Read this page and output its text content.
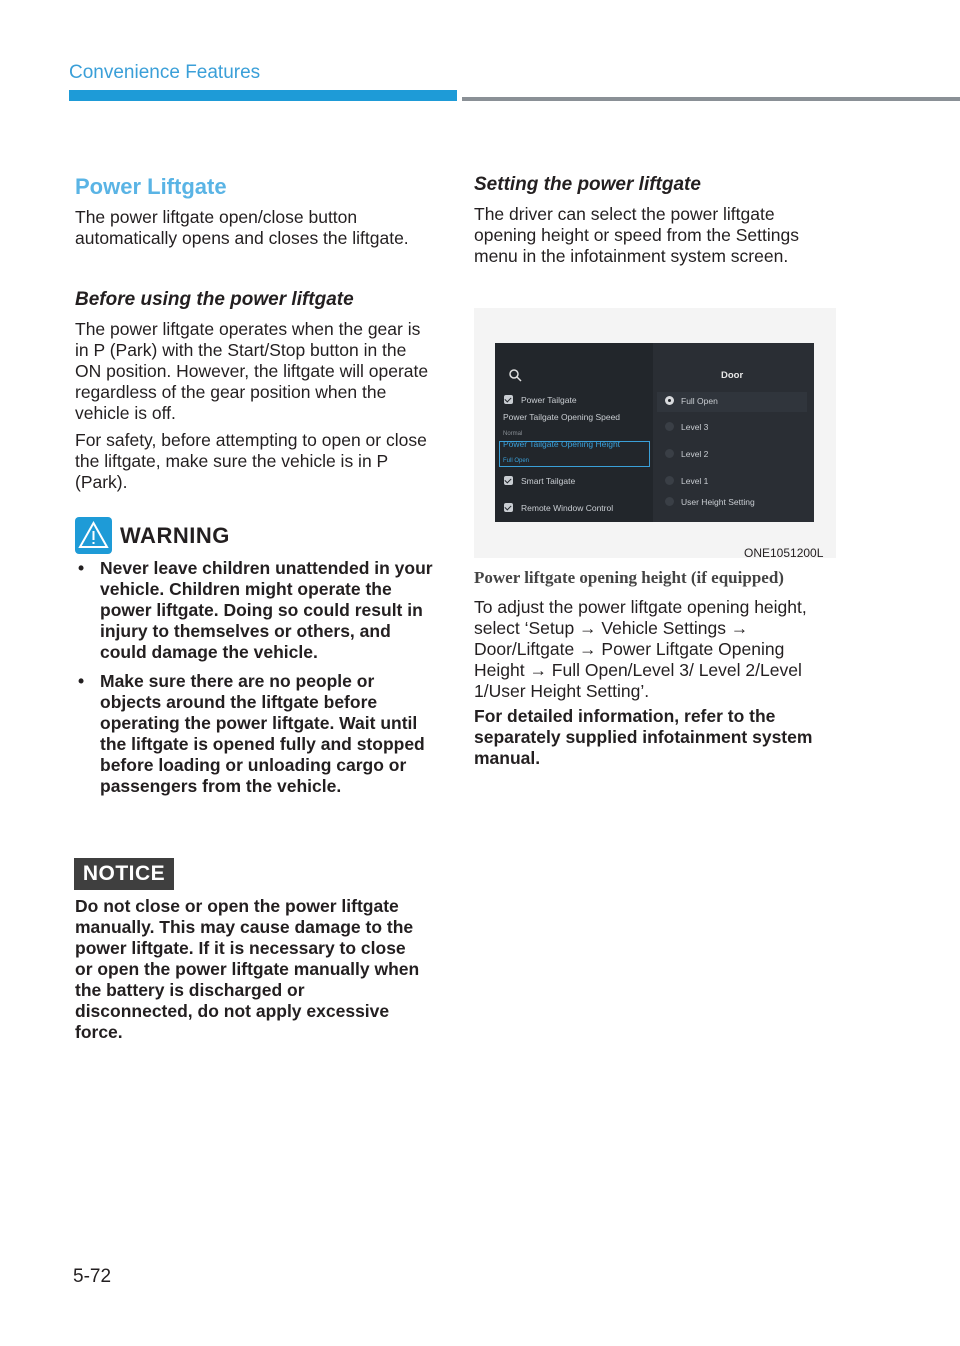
Convenience Features
Power Liftgate

The power liftgate open/close button automatically opens and closes the liftgate.

Before using the power liftgate

The power liftgate operates when the gear is in P (Park) with the Start/Stop button in the ON position. However, the liftgate will operate regardless of the gear position when the vehicle is off.

For safety, before attempting to open or close the liftgate, make sure the vehicle is in P (Park).

WARNING
• Never leave children unattended in your vehicle. Children might operate the power liftgate. Doing so could result in injury to themselves or others, and could damage the vehicle.
• Make sure there are no people or objects around the liftgate before operating the power liftgate. Wait until the liftgate is opened fully and stopped before loading or unloading cargo or passengers from the vehicle.
NOTICE

Do not close or open the power liftgate manually. This may cause damage to the power liftgate. If it is necessary to close or open the power liftgate manually when the battery is discharged or disconnected, do not apply excessive force.

Setting the power liftgate

The driver can select the power liftgate opening height or speed from the Settings menu in the infotainment system screen.

Door
Power Tailgate
Power Tailgate Opening Speed
Normal
Power Tailgate Opening Height
Full Open
Smart Tailgate
Remote Window Control
Full Open
Level 3
Level 2
Level 1
User Height Setting
ONE1051200L
Power liftgate opening height (if equipped)

To adjust the power liftgate opening height, select ‘Setup → Vehicle Settings → Door/Liftgate → Power Liftgate Opening Height → Full Open/Level 3/ Level 2/Level 1/User Height Setting’.

For detailed information, refer to the separately supplied infotainment system manual.

5-72
